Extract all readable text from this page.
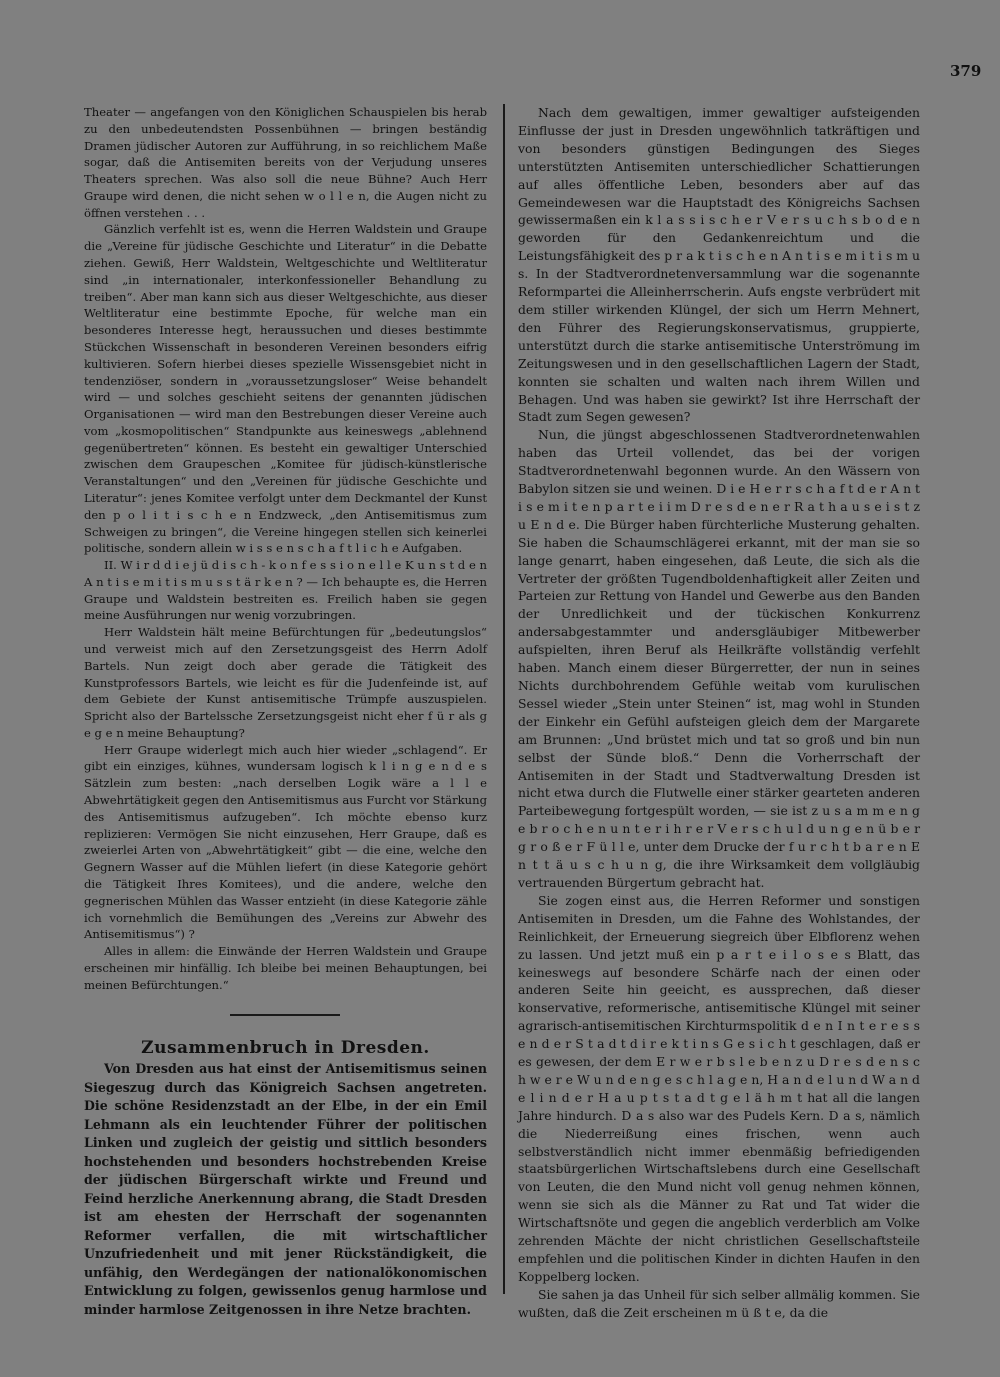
379

Theater — angefangen von den Königlichen Schauspielen bis herab zu den unbedeutendsten Possenbühnen — bringen beständig Dramen jüdischer Autoren zur Aufführung, in so reichlichem Maße sogar, daß die Antisemiten bereits von der Verjudung unseres Theaters sprechen. Was also soll die neue Bühne? Auch Herr Graupe wird denen, die nicht sehen w o l l e n, die Augen nicht zu öffnen verstehen . . .

Gänzlich verfehlt ist es, wenn die Herren Waldstein und Graupe die „Vereine für jüdische Geschichte und Literatur“ in die Debatte ziehen. Gewiß, Herr Waldstein, Weltgeschichte und Weltliteratur sind „in internationaler, interkonfessioneller Behandlung zu treiben“. Aber man kann sich aus dieser Weltgeschichte, aus dieser Weltliteratur eine bestimmte Epoche, für welche man ein besonderes Interesse hegt, heraussuchen und dieses bestimmte Stückchen Wissenschaft in besonderen Vereinen besonders eifrig kultivieren. Sofern hierbei dieses spezielle Wissensgebiet nicht in tendenziöser, sondern in „voraussetzungsloser“ Weise behandelt wird — und solches geschieht seitens der genannten jüdischen Organisationen — wird man den Bestrebungen dieser Vereine auch vom „kosmopolitischen“ Standpunkte aus keineswegs „ablehnend gegenübertreten“ können. Es besteht ein gewaltiger Unterschied zwischen dem Graupeschen „Komitee für jüdisch-künstlerische Veranstaltungen“ und den „Vereinen für jüdische Geschichte und Literatur“: jenes Komitee verfolgt unter dem Deckmantel der Kunst den p o l i t i s c h e n Endzweck, „den Antisemitismus zum Schweigen zu bringen“, die Vereine hingegen stellen sich keinerlei politische, sondern allein w i s s e n s c h a f t l i c h e Aufgaben.

II. W i r d d i e j ü d i s c h - k o n f e s s i o n e l l e K u n s t d e n A n t i s e m i t i s m u s s t ä r k e n ? — Ich behaupte es, die Herren Graupe und Waldstein bestreiten es. Freilich haben sie gegen meine Ausführungen nur wenig vorzubringen.

Herr Waldstein hält meine Befürchtungen für „bedeutungslos“ und verweist mich auf den Zersetzungsgeist des Herrn Adolf Bartels. Nun zeigt doch aber gerade die Tätigkeit des Kunstprofessors Bartels, wie leicht es für die Judenfeinde ist, auf dem Gebiete der Kunst antisemitische Trümpfe auszuspielen. Spricht also der Bartelssche Zersetzungsgeist nicht eher f ü r als g e g e n meine Behauptung?

Herr Graupe widerlegt mich auch hier wieder „schlagend“. Er gibt ein einziges, kühnes, wundersam logisch k l i n g e n d e s Sätzlein zum besten: „nach derselben Logik wäre a l l e Abwehrtätigkeit gegen den Antisemitismus aus Furcht vor Stärkung des Antisemitismus aufzugeben“. Ich möchte ebenso kurz replizieren: Vermögen Sie nicht einzusehen, Herr Graupe, daß es zweierlei Arten von „Abwehrtätigkeit“ gibt — die eine, welche den Gegnern Wasser auf die Mühlen liefert (in diese Kategorie gehört die Tätigkeit Ihres Komitees), und die andere, welche den gegnerischen Mühlen das Wasser entzieht (in diese Kategorie zähle ich vornehmlich die Bemühungen des „Vereins zur Abwehr des Antisemitismus“) ?

Alles in allem: die Einwände der Herren Waldstein und Graupe erscheinen mir hinfällig. Ich bleibe bei meinen Behauptungen, bei meinen Befürchtungen.“

Zusammenbruch in Dresden.

Von Dresden aus hat einst der Antisemitismus seinen Siegeszug durch das Königreich Sachsen angetreten. Die schöne Residenzstadt an der Elbe, in der ein Emil Lehmann als ein leuchtender Führer der politischen Linken und zugleich der geistig und sittlich besonders hochstehenden und besonders hochstrebenden Kreise der jüdischen Bürgerschaft wirkte und Freund und Feind herzliche Anerkennung abrang, die Stadt Dresden ist am ehesten der Herrschaft der sogenannten Reformer verfallen, die mit wirtschaftlicher Unzufriedenheit und mit jener Rückständigkeit, die unfähig, den Werdegängen der nationalökonomischen Entwicklung zu folgen, gewissenlos genug harmlose und minder harmlose Zeitgenossen in ihre Netze brachten.

Nach dem gewaltigen, immer gewaltiger aufsteigenden Einflusse der just in Dresden ungewöhnlich tatkräftigen und von besonders günstigen Bedingungen des Sieges unterstützten Antisemiten unterschiedlicher Schattierungen auf alles öffentliche Leben, besonders aber auf das Gemeindewesen war die Hauptstadt des Königreichs Sachsen gewissermaßen ein k l a s s i s c h e r V e r s u c h s b o d e n geworden für den Gedankenreichtum und die Leistungsfähigkeit des p r a k t i s c h e n A n t i s e m i t i s m u s. In der Stadtverordnetenversammlung war die sogenannte Reformpartei die Alleinherrscherin. Aufs engste verbrüdert mit dem stiller wirkenden Klüngel, der sich um Herrn Mehnert, den Führer des Regierungskonservatismus, gruppierte, unterstützt durch die starke antisemitische Unterströmung im Zeitungswesen und in den gesellschaftlichen Lagern der Stadt, konnten sie schalten und walten nach ihrem Willen und Behagen. Und was haben sie gewirkt? Ist ihre Herrschaft der Stadt zum Segen gewesen?

Nun, die jüngst abgeschlossenen Stadtverordnetenwahlen haben das Urteil vollendet, das bei der vorigen Stadtverordnetenwahl begonnen wurde. An den Wässern von Babylon sitzen sie und weinen. D i e H e r r s c h a f t d e r A n t i s e m i t e n p a r t e i i m D r e s d e n e r R a t h a u s e i s t z u E n d e. Die Bürger haben fürchterliche Musterung gehalten. Sie haben die Schaumschlägerei erkannt, mit der man sie so lange genarrt, haben eingesehen, daß Leute, die sich als die Vertreter der größten Tugendboldenhaftigkeit aller Zeiten und Parteien zur Rettung von Handel und Gewerbe aus den Banden der Unredlichkeit und der tückischen Konkurrenz andersabgestammter und andersgläubiger Mitbewerber aufspielten, ihren Beruf als Heilkräfte vollständig verfehlt haben. Manch einem dieser Bürgerretter, der nun in seines Nichts durchbohrendem Gefühle weitab vom kurulischen Sessel wieder „Stein unter Steinen“ ist, mag wohl in Stunden der Einkehr ein Gefühl aufsteigen gleich dem der Margarete am Brunnen: „Und brüstet mich und tat so groß und bin nun selbst der Sünde bloß.“ Denn die Vorherrschaft der Antisemiten in der Stadt und Stadtverwaltung Dresden ist nicht etwa durch die Flutwelle einer stärker gearteten anderen Parteibewegung fortgespült worden, — sie ist z u s a m m e n g e b r o c h e n u n t e r i h r e r V e r s c h u l d u n g e n ü b e r g r o ß e r F ü l l e, unter dem Drucke der f u r c h t b a r e n E n t t ä u s c h u n g, die ihre Wirksamkeit dem vollgläubig vertrauenden Bürgertum gebracht hat.

Sie zogen einst aus, die Herren Reformer und sonstigen Antisemiten in Dresden, um die Fahne des Wohlstandes, der Reinlichkeit, der Erneuerung siegreich über Elbflorenz wehen zu lassen. Und jetzt muß ein p a r t e i l o s e s Blatt, das keineswegs auf besondere Schärfe nach der einen oder anderen Seite hin geeicht, es aussprechen, daß dieser konservative, reformerische, antisemitische Klüngel mit seiner agrarisch-antisemitischen Kirchturmspolitik d e n I n t e r e s s e n d e r S t a d t d i r e k t i n s G e s i c h t geschlagen, daß er es gewesen, der dem E r w e r b s l e b e n z u D r e s d e n s c h w e r e W u n d e n g e s c h l a g e n, H a n d e l u n d W a n d e l i n d e r H a u p t s t a d t g e l ä h m t hat all die langen Jahre hindurch. D a s also war des Pudels Kern. D a s, nämlich die Niederreißung eines frischen, wenn auch selbstverständlich nicht immer ebenmäßig befriedigenden staatsbürgerlichen Wirtschaftslebens durch eine Gesellschaft von Leuten, die den Mund nicht voll genug nehmen können, wenn sie sich als die Männer zu Rat und Tat wider die Wirtschaftsnöte und gegen die angeblich verderblich am Volke zehrenden Mächte der nicht christlichen Gesellschaftsteile empfehlen und die politischen Kinder in dichten Haufen in den Koppelberg locken.

Sie sahen ja das Unheil für sich selber allmälig kommen. Sie wußten, daß die Zeit erscheinen m ü ß t e, da die
